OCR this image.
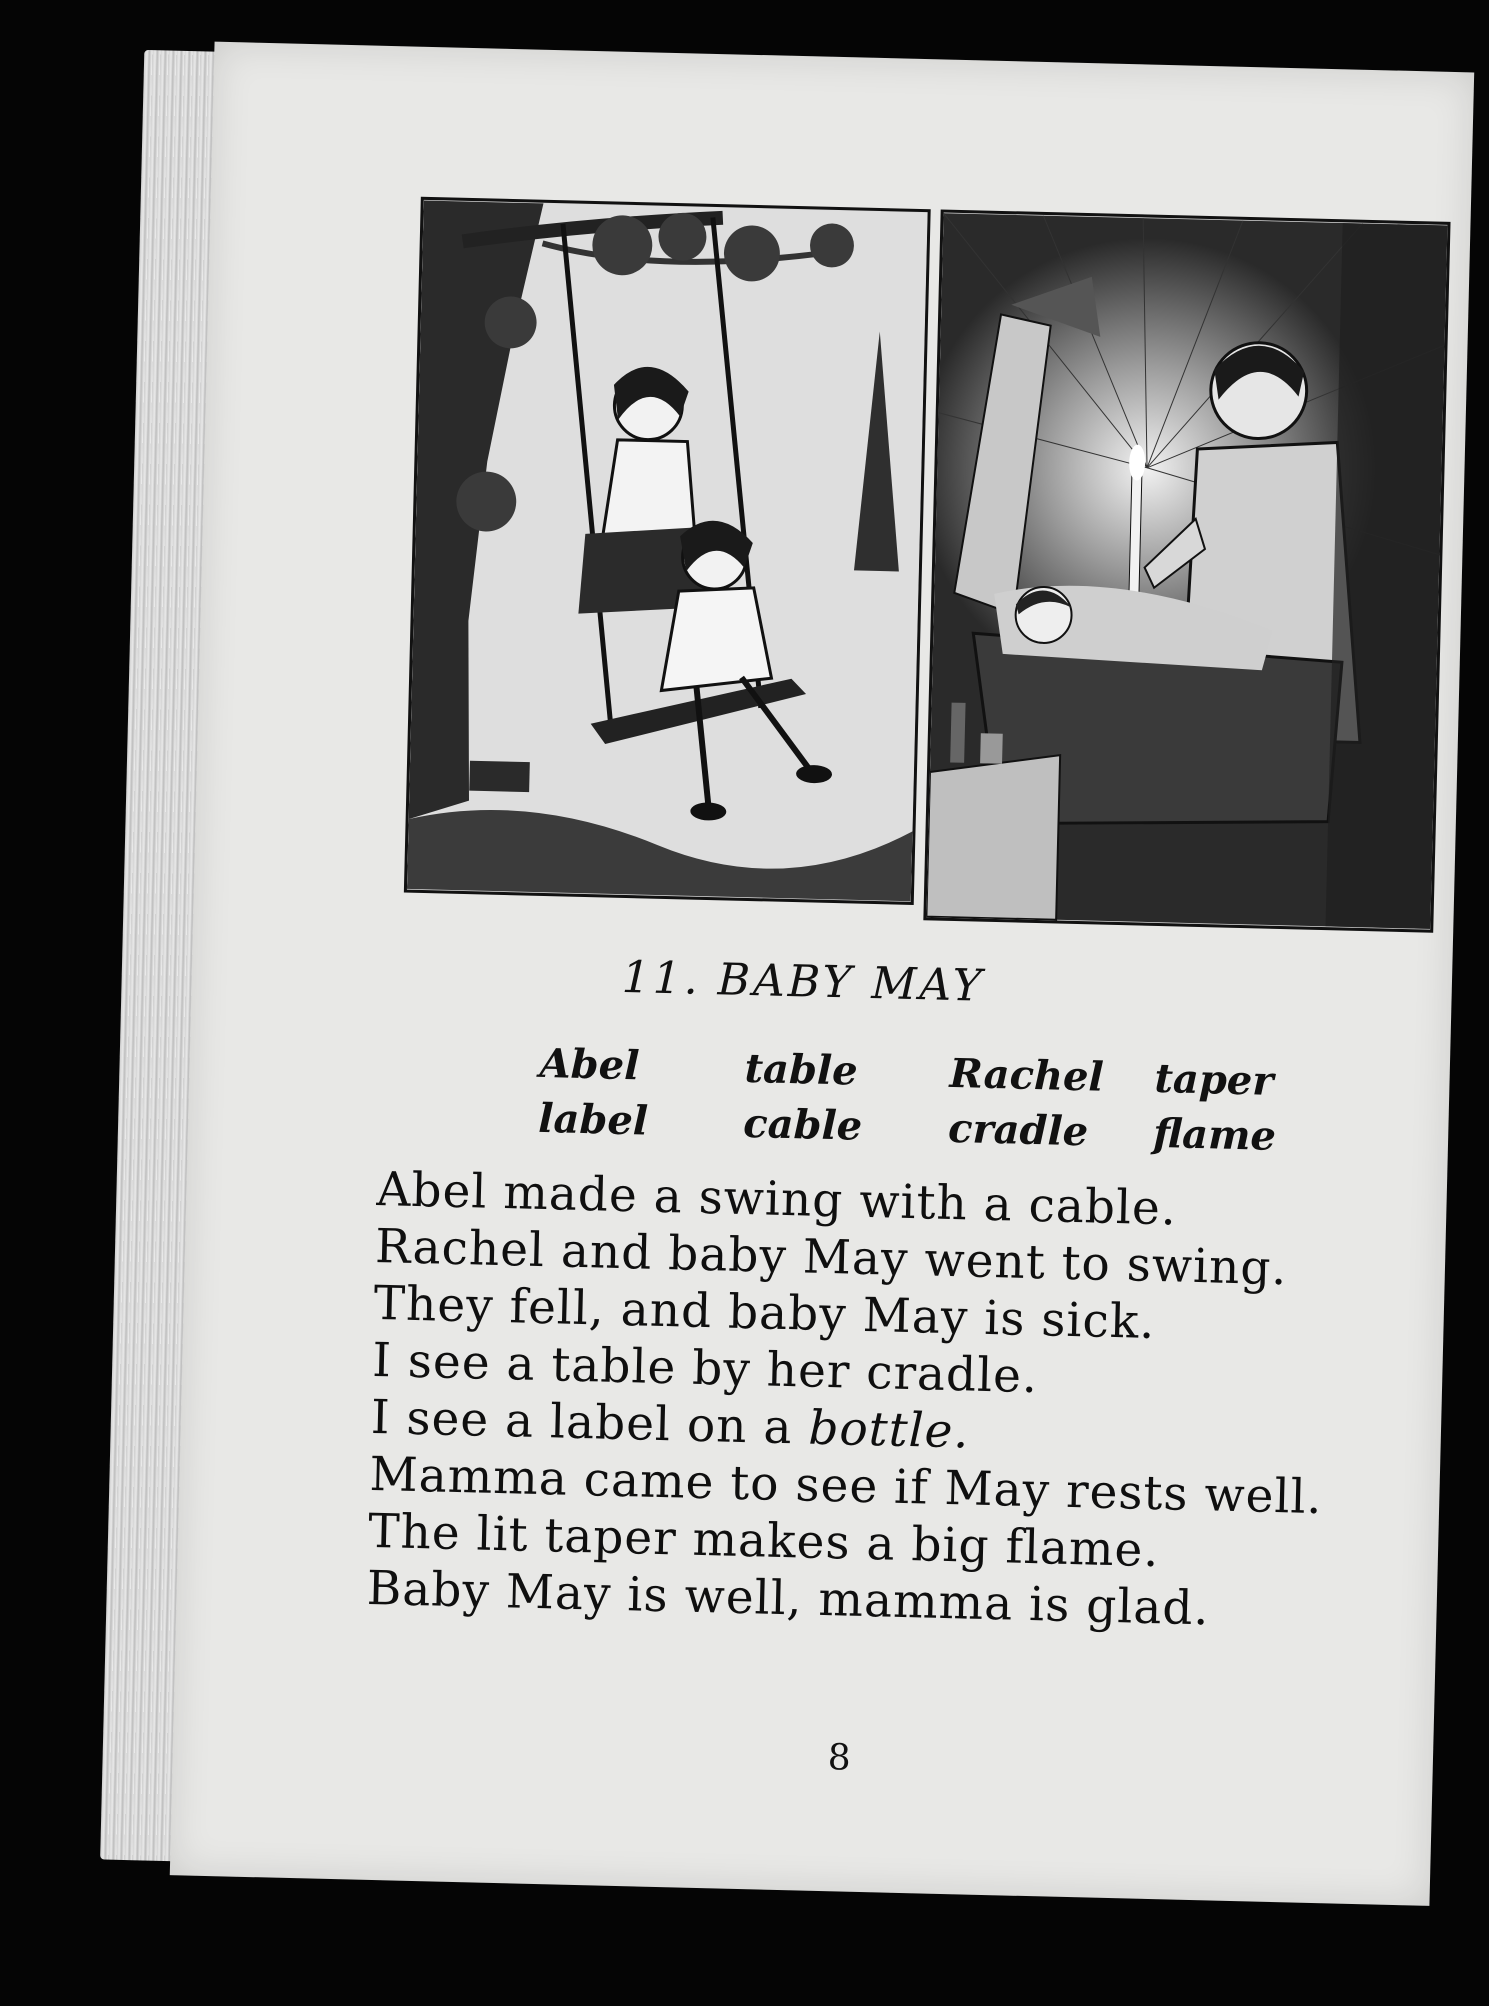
11. BABY MAY
Abel	table	Rachel	taper
label	cable	cradle	flame
Abel made a swing with a cable.
Rachel and baby May went to swing.
They fell, and baby May is sick.
I see a table by her cradle.
I see a label on a bottle.
Mamma came to see if May rests well.
The lit taper makes a big flame.
Baby May is well, mamma is glad.
8
